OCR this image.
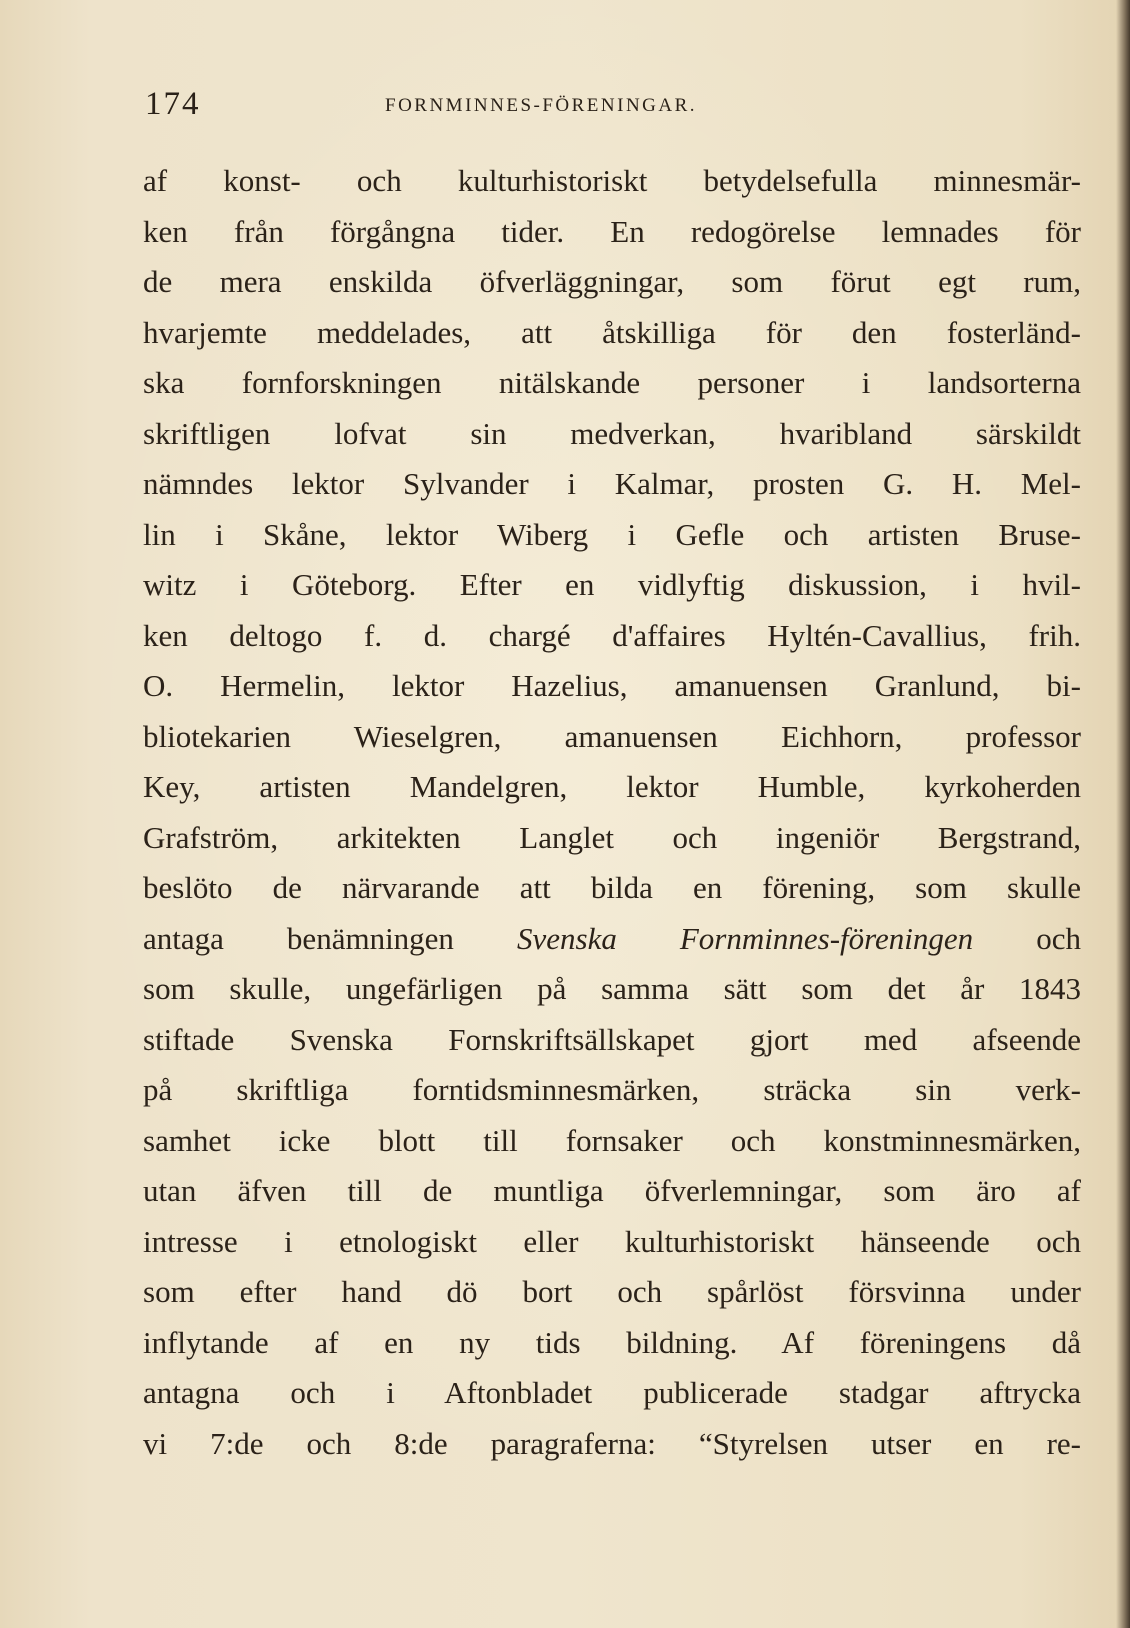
174	FORNMINNES-FÖRENINGAR.
af konst- och kulturhistoriskt betydelsefulla minnesmär-
ken från förgångna tider. En redogörelse lemnades för
de mera enskilda öfverläggningar, som förut egt rum,
hvarjemte meddelades, att åtskilliga för den fosterländ-
ska fornforskningen nitälskande personer i landsorterna
skriftligen lofvat sin medverkan, hvaribland särskildt
nämndes lektor Sylvander i Kalmar, prosten G. H. Mel-
lin i Skåne, lektor Wiberg i Gefle och artisten Bruse-
witz i Göteborg. Efter en vidlyftig diskussion, i hvil-
ken deltogo f. d. chargé d'affaires Hyltén-Cavallius, frih.
O. Hermelin, lektor Hazelius, amanuensen Granlund, bi-
bliotekarien Wieselgren, amanuensen Eichhorn, professor
Key, artisten Mandelgren, lektor Humble, kyrkoherden
Grafström, arkitekten Langlet och ingeniör Bergstrand,
beslöto de närvarande att bilda en förening, som skulle
antaga benämningen Svenska Fornminnes-föreningen och
som skulle, ungefärligen på samma sätt som det år 1843
stiftade Svenska Fornskriftsällskapet gjort med afseende
på skriftliga forntidsminnesmärken, sträcka sin verk-
samhet icke blott till fornsaker och konstminnesmärken,
utan äfven till de muntliga öfverlemningar, som äro af
intresse i etnologiskt eller kulturhistoriskt hänseende och
som efter hand dö bort och spårlöst försvinna under
inflytande af en ny tids bildning. Af föreningens då
antagna och i Aftonbladet publicerade stadgar aftrycka
vi 7:de och 8:de paragraferna: “Styrelsen utser en re-
